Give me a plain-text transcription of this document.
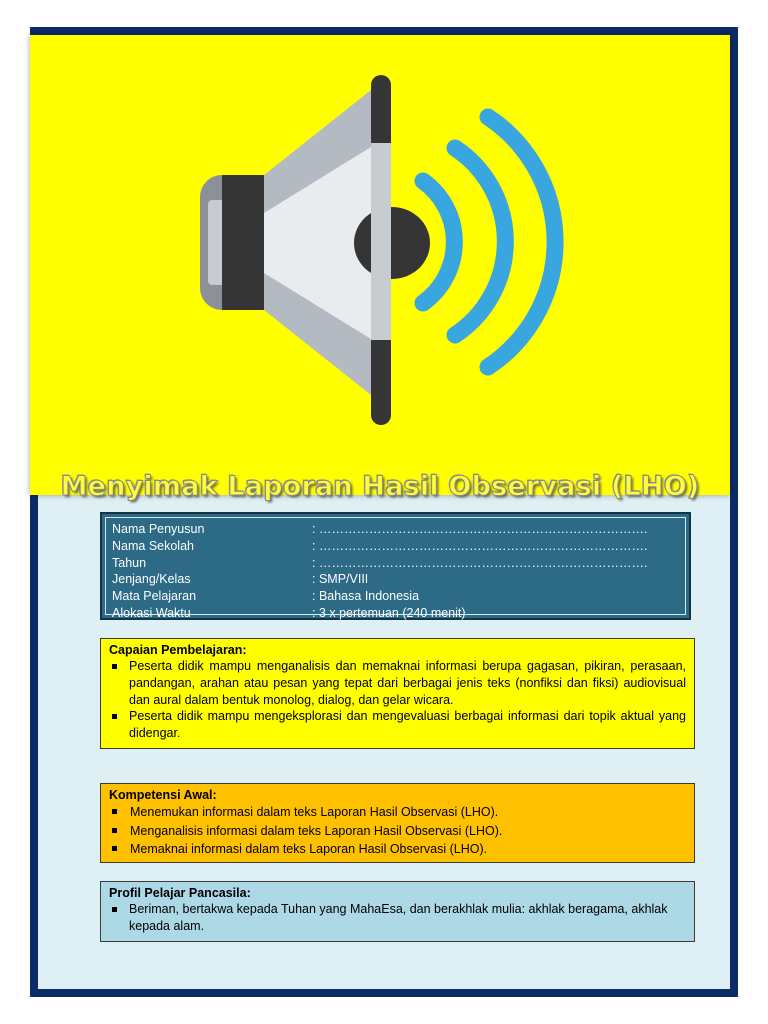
Menyimak Laporan Hasil Observasi (LHO)
Nama Penyusun	: …………………………………………………………………….
Nama Sekolah	: …………………………………………………………………….
Tahun	: …………………………………………………………………….
Jenjang/Kelas	: SMP/VIII
Mata Pelajaran	: Bahasa Indonesia
Alokasi Waktu	: 3 x pertemuan (240 menit)
Capaian Pembelajaran:
Peserta didik mampu menganalisis dan memaknai informasi berupa gagasan, pikiran, perasaan, pandangan, arahan atau pesan yang tepat dari berbagai jenis teks (nonfiksi dan fiksi) audiovisual dan aural dalam bentuk monolog, dialog, dan gelar wicara.
Peserta didik mampu mengeksplorasi dan mengevaluasi berbagai informasi dari topik aktual yang didengar.
Kompetensi Awal:
Menemukan informasi dalam teks Laporan Hasil Observasi (LHO).
Menganalisis informasi dalam teks Laporan Hasil Observasi (LHO).
Memaknai informasi dalam teks Laporan Hasil Observasi (LHO).
Profil Pelajar Pancasila:
Beriman, bertakwa kepada Tuhan yang MahaEsa, dan berakhlak mulia: akhlak beragama, akhlak kepada alam.
